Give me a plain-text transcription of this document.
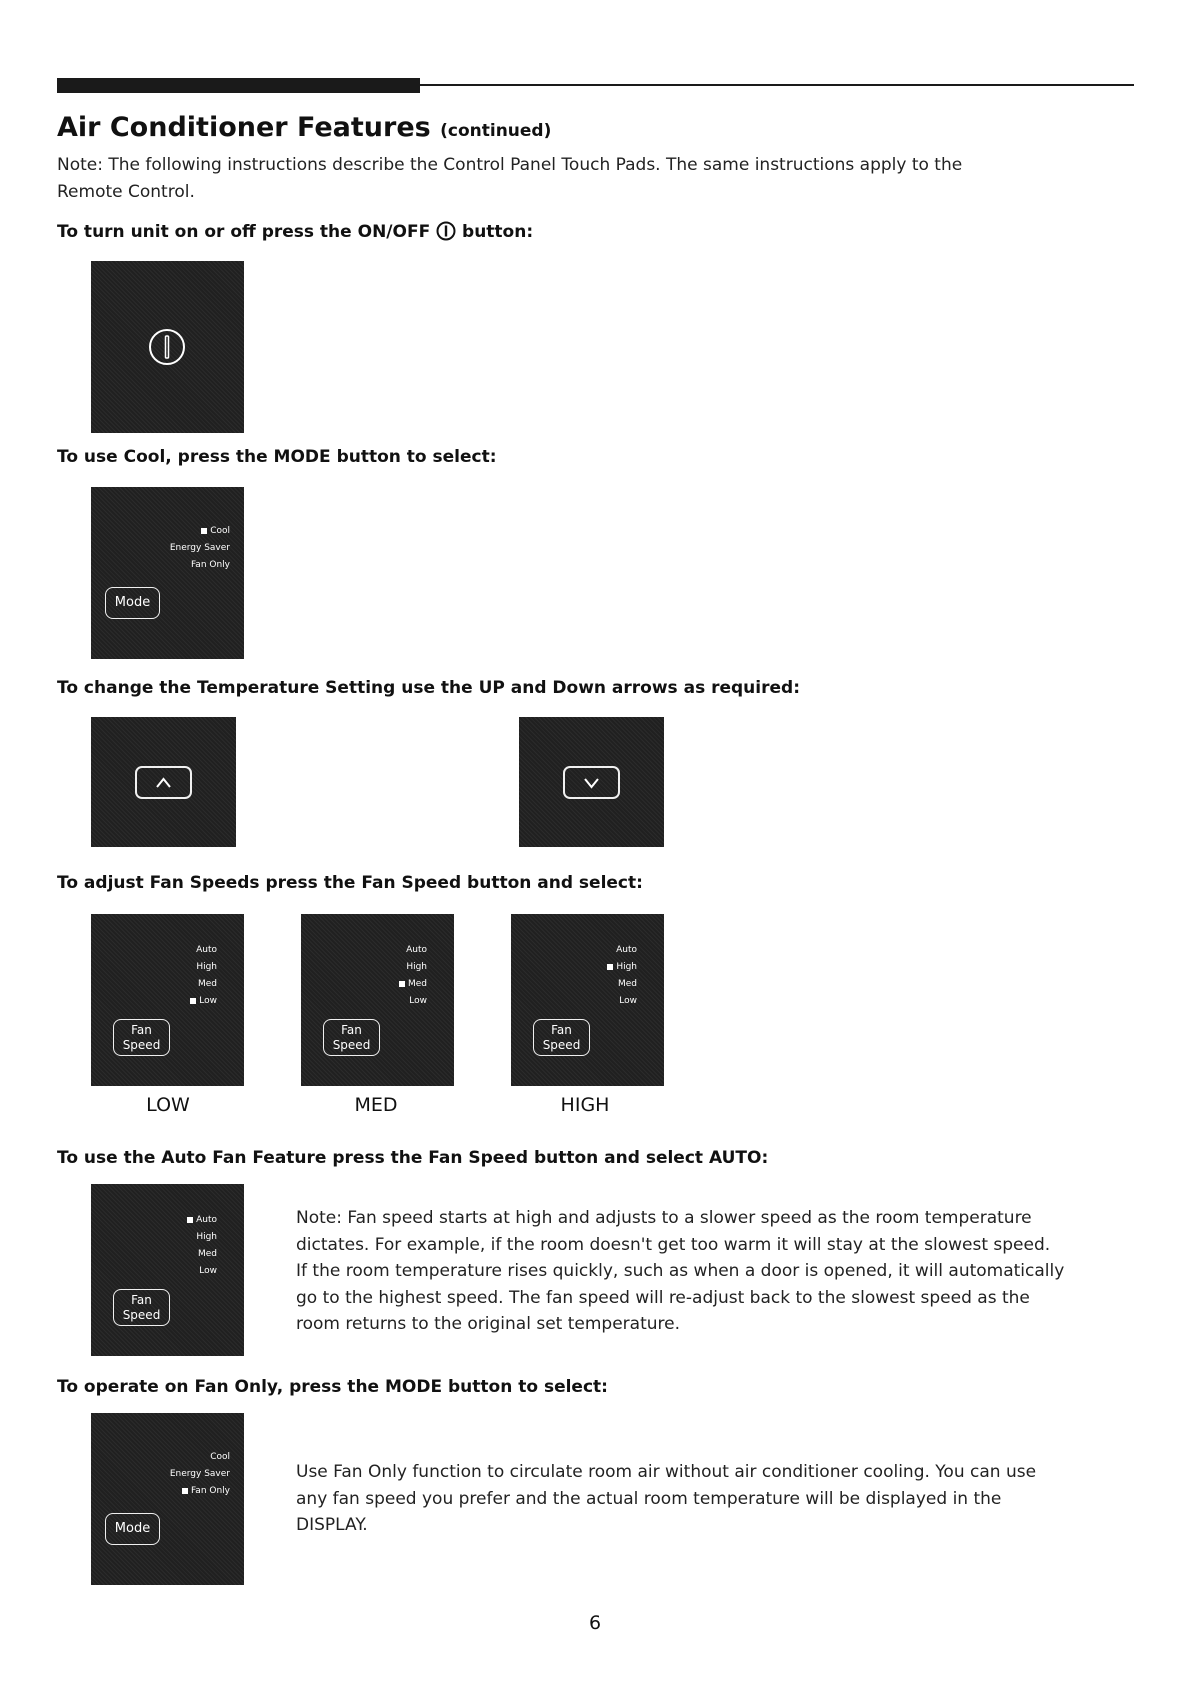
Air Conditioner Features (continued)
Note: The following instructions describe the Control Panel Touch Pads. The same instructions apply to the Remote Control.
To turn unit on or off press the ON/OFF button:
To use Cool, press the MODE button to select:
Cool
Energy Saver
Fan Only
Mode
To change the Temperature Setting use the UP and Down arrows as required:
To adjust Fan Speeds press the Fan Speed button and select:
Auto
High
Med
Low
Fan
Speed
Auto
High
Med
Low
Fan
Speed
Auto
High
Med
Low
Fan
Speed
LOW	MED	HIGH
To use the Auto Fan Feature press the Fan Speed button and select AUTO:
Auto
High
Med
Low
Fan
Speed
Note: Fan speed starts at high and adjusts to a slower speed as the room temperature dictates. For example, if the room doesn't get too warm it will stay at the slowest speed. If the room temperature rises quickly, such as when a door is opened, it will automatically go to the highest speed. The fan speed will re-adjust back to the slowest speed as the room returns to the original set temperature.
To operate on Fan Only, press the MODE button to select:
Cool
Energy Saver
Fan Only
Mode
Use Fan Only function to circulate room air without air conditioner cooling. You can use any fan speed you prefer and the actual room temperature will be displayed in the DISPLAY.
6
